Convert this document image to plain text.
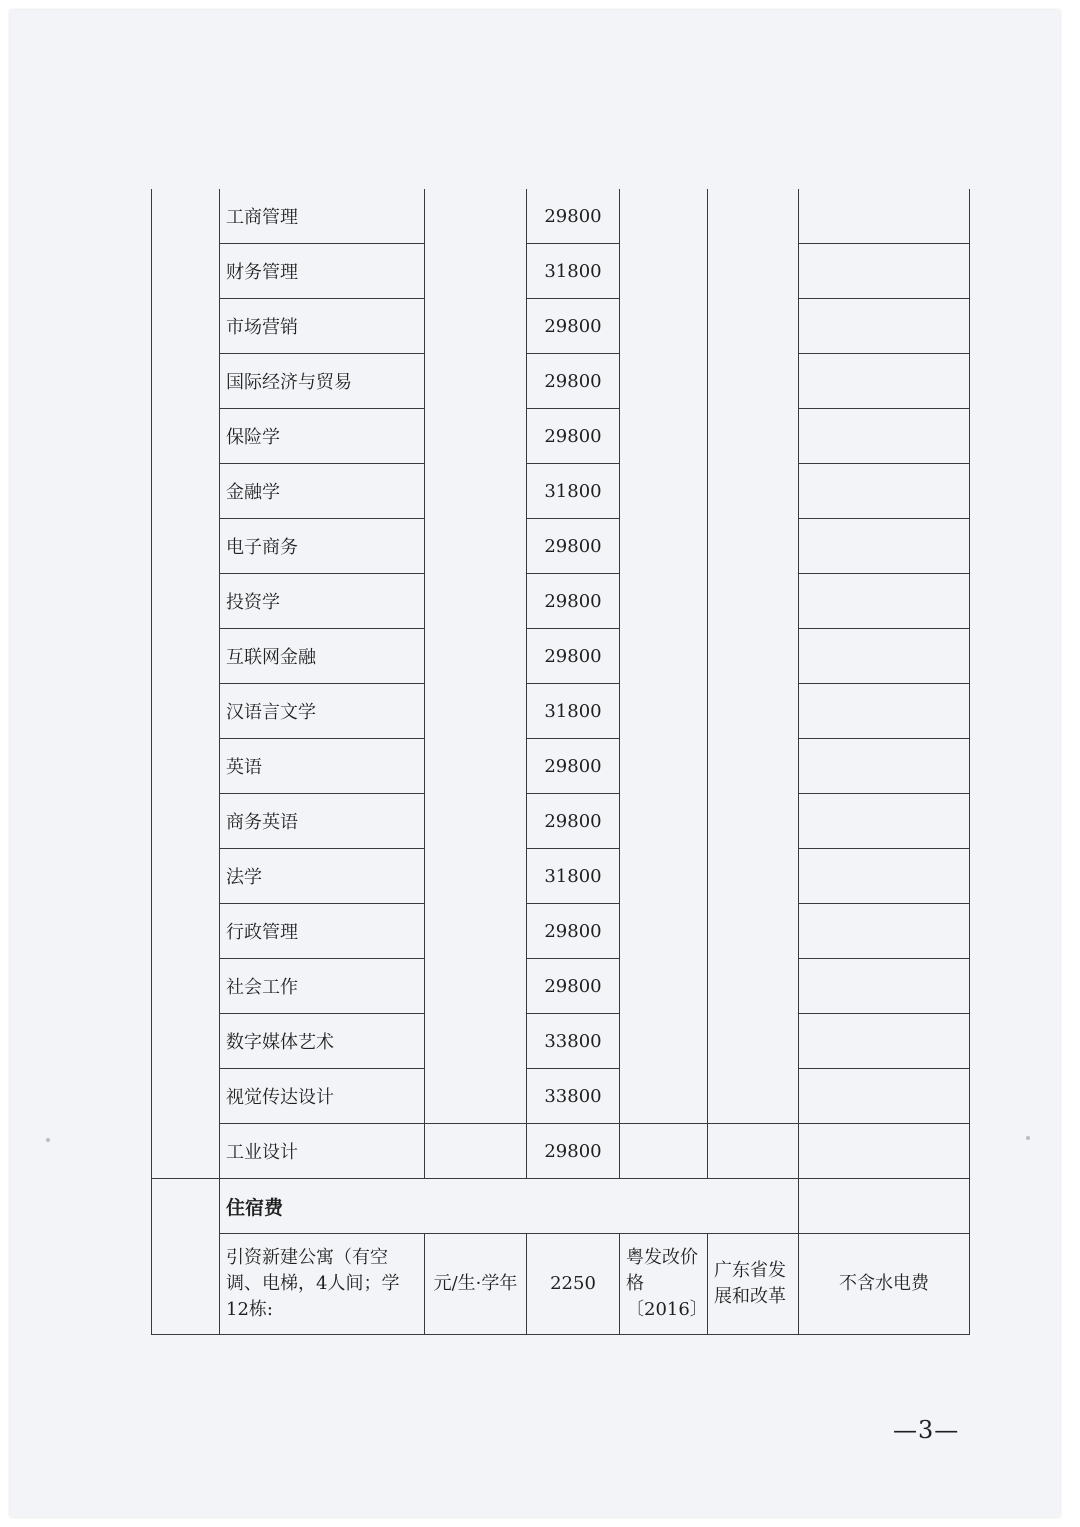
	工商管理		29800			
	财务管理		31800			
	市场营销		29800			
	国际经济与贸易		29800			
	保险学		29800			
	金融学		31800			
	电子商务		29800			
	投资学		29800			
	互联网金融		29800			
	汉语言文学		31800			
	英语		29800			
	商务英语		29800			
	法学		31800			
	行政管理		29800			
	社会工作		29800			
	数字媒体艺术		33800			
	视觉传达设计		33800			
	工业设计		29800			
	住宿费					
	引资新建公寓（有空调、电梯，4人间；学12栋:	元/生·学年	2250	粤发改价格〔2016〕	广东省发展和改革	不含水电费
—3—
